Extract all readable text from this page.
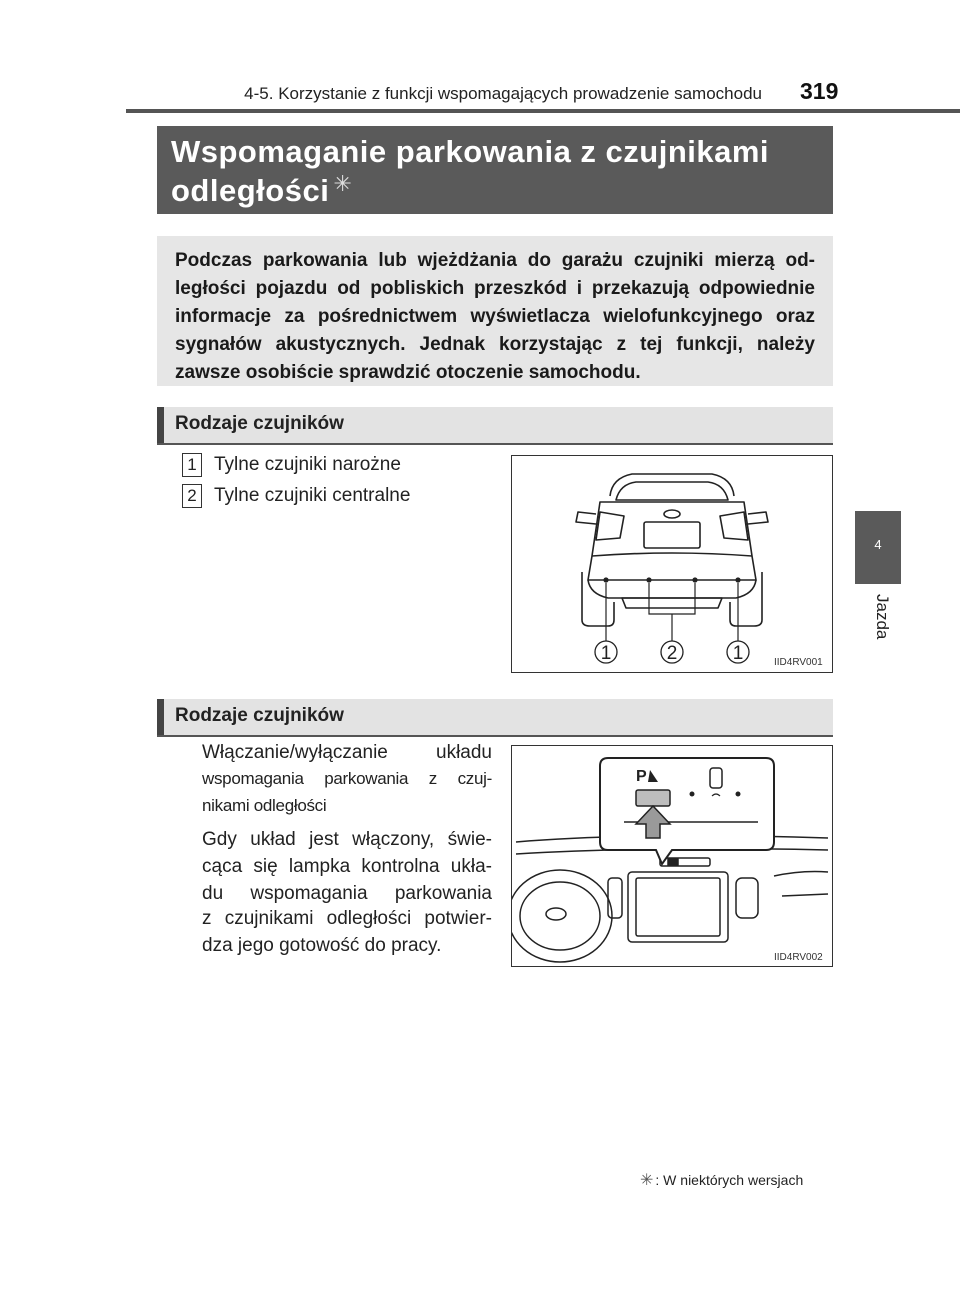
4-5. Korzystanie z funkcji wspomagających prowadzenie samochodu 319
Wspomaganie parkowania z czujnikami
odległości ✳
Podczas parkowania lub wjeżdżania do garażu czujniki mierzą od-
ległości pojazdu od pobliskich przeszkód i przekazują odpowiednie
informacje za pośrednictwem wyświetlacza wielofunkcyjnego oraz
sygnałów akustycznych. Jednak korzystając z tej funkcji, należy
zawsze osobiście sprawdzić otoczenie samochodu.
Rodzaje czujników
1 Tylne czujniki narożne
2 Tylne czujniki centralne
1	2	1	IID4RV001
Rodzaje czujników
Włączanie/wyłączanie układu
wspomagania parkowania z czuj-
nikami odległości
Gdy układ jest włączony, świe-
cąca się lampka kontrolna ukła-
du wspomagania parkowania
z czujnikami odległości potwier-
dza jego gotowość do pracy.
P
IID4RV002
4
Jazda
✳ : W niektórych wersjach
